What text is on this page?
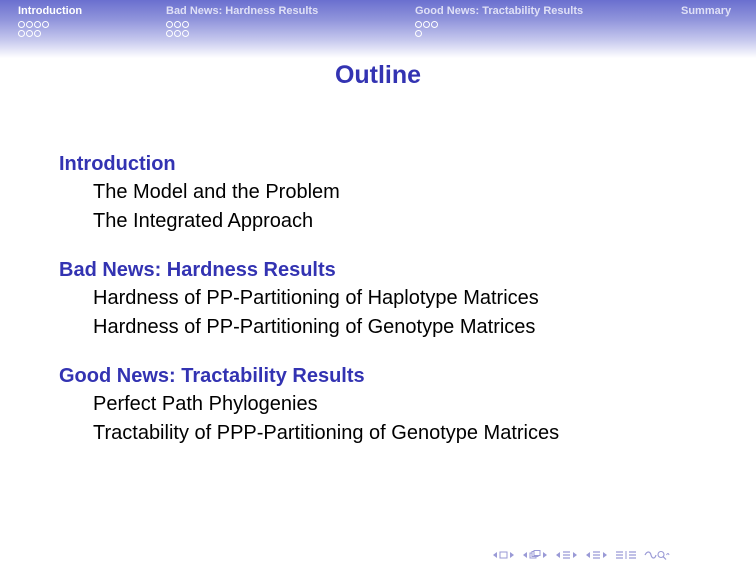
Introduction	Bad News: Hardness Results	Good News: Tractability Results	Summary
Outline
Introduction
The Model and the Problem
The Integrated Approach
Bad News: Hardness Results
Hardness of PP-Partitioning of Haplotype Matrices
Hardness of PP-Partitioning of Genotype Matrices
Good News: Tractability Results
Perfect Path Phylogenies
Tractability of PPP-Partitioning of Genotype Matrices
